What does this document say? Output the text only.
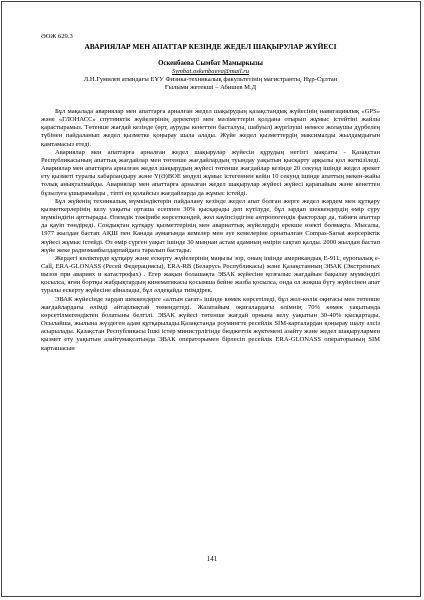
ӘОЖ 629.3

АВАРИЯЛАР МЕН АПАТТАР КЕЗІНДЕ ЖЕДЕЛ ШАҚЫРУЛАР ЖҮЙЕСІ

Оскенбаева Сымбат Мамыркызы

Symbat.oskenbaeva@mail.ru

Л.Н.Гумилев атындағы ЕҰУ Физика-техникалық факультетінің магистранты, Нұр-Сұлтан

Ғылыми жетекші – Абишев М.Д

Бұл мақалада авариялар мен апаттарға арналған жедел шақырудың қазақстандық жүйесінің навигациялық «GPS» және «ГЛОНАСС» спутниктік жүйелерінің деректері мен мәліметтерін қолдана отырып жұмыс істейтіні жайлы қарастырамыз. Төтенше жағдай кезінде (өрт, ауруды кенеттен басталуы, шабуыл) жүргізуші немесе жолаушы дүрбелең түбінен пайдаланып жедел қызметке қоңырау шала алады. Жүйе жедел қызметтердің максималды жылдамдығын қамтамасыз етеді.

Авариялар мен апаттарға арналған жедел шақырулар жүйесін құрудың негізгі мақсаты - Қазақстан Республикасының апаттық жағдайлар мен төтенше жағдайлардың туындау уақытын қысқарту арқылы қол жеткізіледі. Авариялар мен апаттарға арналған жедел шақырудың жүйесі төтенше жағдайлар кезінде 20 секунд ішінде жедел әрекет ету қызметі туралы хабарландыру және Ү(Ә)ВОЕ модулі жұмыс істегеннен кейін 10 секунд ішінде апаттың мекен-жайы толық анықталмайды. Авариялар мен апаттарға арналған жедел шақырулар жүйесі жүйесі қарапайым және кенеттен бұзылуға ұшырамайды , тіпті ең қолайсыз жағдайларда да жұмыс істейді.

Бұл жүйенің техникалық мүмкіндіктерін пайдалану кезінде жедел апат болған жерге жедел жәрдем мен құтқару қызметкерлерінің келу уақыты орташа есеппен 30% қысқарады деп күтілуде, бұл зардап шеккендердің өмір сүру мүмкіндігін арттырады. Өлемдік тәжірибе көрсеткендей, жол кауіпсіздігіне антропогендік факторлар да, табиғи апаттар да қауіп төндіреді. Сондықтан құтқару қызметтерінің мен авариаттық жүйелердің ерекше өзекті болмақта. Мысалы, 1977 жылдан бастап АҚШ пен Канада аумағында кемелер мен әуе кемелеріне орнатылған Compas-Sarsat жерсеріктік жүйесі жұмыс істейді. Өз өмір сүрген уақыт ішінде 30 мыңнан астам адамның өмірін сақтап қалды. 2000 жылдан бастап жүйе жеке радиомаябылдарпайдаға таралып бастады.

Жердегі көліктерде құтқару және ескерту жүйелерінің маңызы зор, оның ішінде американдық E-911, еуропалық e-Call, ERA-GLONASS (Ресей Федерациясы), ERA-RB (Беларусь Республикасы) және Қазақстанның ЭВАК (Экстренных вызов при авариях и катастрофах) . Егер жақын болашақта ЭВАК жүйесіне қозғалыс жағдайын бақылау мүмкіндігі қосылса, яғни бортқы жабдықтардың кинематикасы қосымша бейне жазба қосылса, онда ол жоқша бүгу жүйесінен апат туралы ескерту жүйесіне айналады, бұл әлдеқайда тиімдірек.

ЭВАК жүйесінде зардап шеккендерге «алтын сағат» ішінде көмек көрсетіледі, бұл жол-көлік оқиғасы мен төтенше жағдайлардағы өлімді айтарлықтай төмендетеді. Жазатайым оқиғалардағы өлімнің 70% көмек уақытында көрсетілмегендіктен болатыны белгілі. ЭВАК жүйесі төтенше жағдай орнына келу уақытын 30-40% қысқартады. Осылайша, жылына жүздеген адам құтқарылады.Қазақстанда роумингте ресейлік SIM-карталардан қоңырау шалу әлсіз асырылады. Қазақстан Республикасы Ішкі істер министрлігінде бюджеттік жүктемені азайту және жедел шақырулармен қызмет ету уақытын азайтумақсатында ЭВАК операторымен бірлесіп ресейлік ERA-GLONASS операторының SIM карташасын

141
